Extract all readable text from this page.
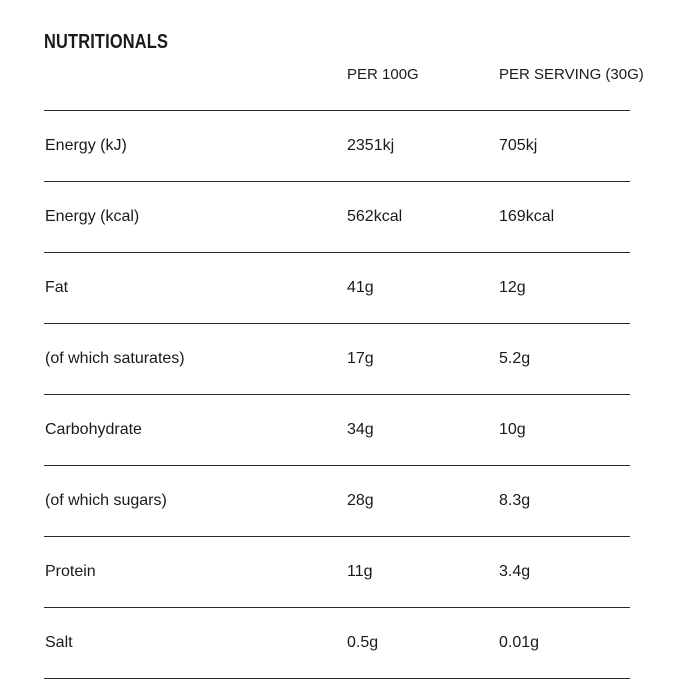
NUTRITIONALS
PER 100G	PER SERVING (30G)
Energy (kJ)	2351kj	705kj
Energy (kcal)	562kcal	169kcal
Fat	41g	12g
(of which saturates)	17g	5.2g
Carbohydrate	34g	10g
(of which sugars)	28g	8.3g
Protein	11g	3.4g
Salt	0.5g	0.01g
